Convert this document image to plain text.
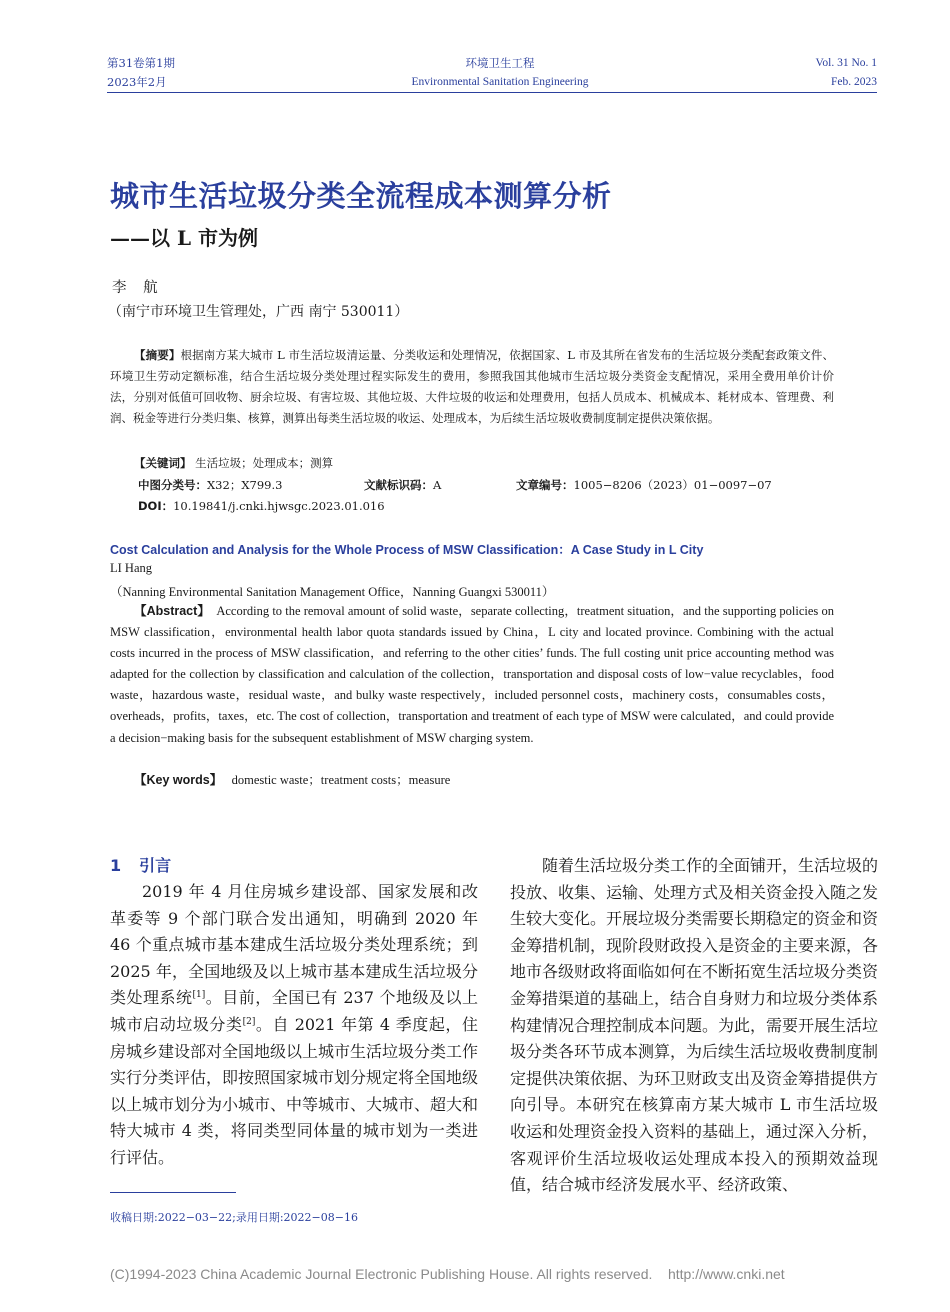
第31卷第1期
2023年2月
环境卫生工程
Environmental Sanitation Engineering
Vol. 31 No. 1
Feb. 2023
城市生活垃圾分类全流程成本测算分析
——以 L 市为例
李 航
（南宁市环境卫生管理处，广西 南宁 530011）
【摘要】根据南方某大城市 L 市生活垃圾清运量、分类收运和处理情况，依据国家、L 市及其所在省发布的生活垃圾分类配套政策文件、环境卫生劳动定额标准，结合生活垃圾分类处理过程实际发生的费用，参照我国其他城市生活垃圾分类资金支配情况，采用全费用单价计价法，分别对低值可回收物、厨余垃圾、有害垃圾、其他垃圾、大件垃圾的收运和处理费用，包括人员成本、机械成本、耗材成本、管理费、利润、税金等进行分类归集、核算，测算出每类生活垃圾的收运、处理成本，为后续生活垃圾收费制度制定提供决策依据。
【关键词】 生活垃圾；处理成本；测算
中图分类号：X32；X799.3	文献标识码：A	文章编号：1005−8206（2023）01−0097−07
DOI：10.19841/j.cnki.hjwsgc.2023.01.016
Cost Calculation and Analysis for the Whole Process of MSW Classification：A Case Study in L City
LI Hang
（Nanning Environmental Sanitation Management Office，Nanning Guangxi 530011）
【Abstract】 According to the removal amount of solid waste，separate collecting，treatment situation，and the supporting policies on MSW classification，environmental health labor quota standards issued by China，L city and located province. Combining with the actual costs incurred in the process of MSW classification，and referring to the other cities’ funds. The full costing unit price accounting method was adapted for the collection by classification and calculation of the collection，transportation and disposal costs of low−value recyclables，food waste，hazardous waste，residual waste，and bulky waste respectively，included personnel costs，machinery costs，consumables costs，overheads，profits，taxes，etc. The cost of collection，transportation and treatment of each type of MSW were calculated，and could provide a decision−making basis for the subsequent establishment of MSW charging system.
【Key words】 domestic waste；treatment costs；measure
1 引言

2019 年 4 月住房城乡建设部、国家发展和改革委等 9 个部门联合发出通知，明确到 2020 年 46 个重点城市基本建成生活垃圾分类处理系统；到 2025 年，全国地级及以上城市基本建成生活垃圾分类处理系统[1]。目前，全国已有 237 个地级及以上城市启动垃圾分类[2]。自 2021 年第 4 季度起，住房城乡建设部对全国地级以上城市生活垃圾分类工作实行分类评估，即按照国家城市划分规定将全国地级以上城市划分为小城市、中等城市、大城市、超大和特大城市 4 类，将同类型同体量的城市划为一类进行评估。

随着生活垃圾分类工作的全面铺开，生活垃圾的投放、收集、运输、处理方式及相关资金投入随之发生较大变化。开展垃圾分类需要长期稳定的资金和资金筹措机制，现阶段财政投入是资金的主要来源，各地市各级财政将面临如何在不断拓宽生活垃圾分类资金筹措渠道的基础上，结合自身财力和垃圾分类体系构建情况合理控制成本问题。为此，需要开展生活垃圾分类各环节成本测算，为后续生活垃圾收费制度制定提供决策依据、为环卫财政支出及资金筹措提供方向引导。本研究在核算南方某大城市 L 市生活垃圾收运和处理资金投入资料的基础上，通过深入分析，客观评价生活垃圾收运处理成本投入的预期效益现值，结合城市经济发展水平、经济政策、

收稿日期:2022−03−22;录用日期:2022−08−16
(C)1994-2023 China Academic Journal Electronic Publishing House. All rights reserved.    http://www.cnki.net
